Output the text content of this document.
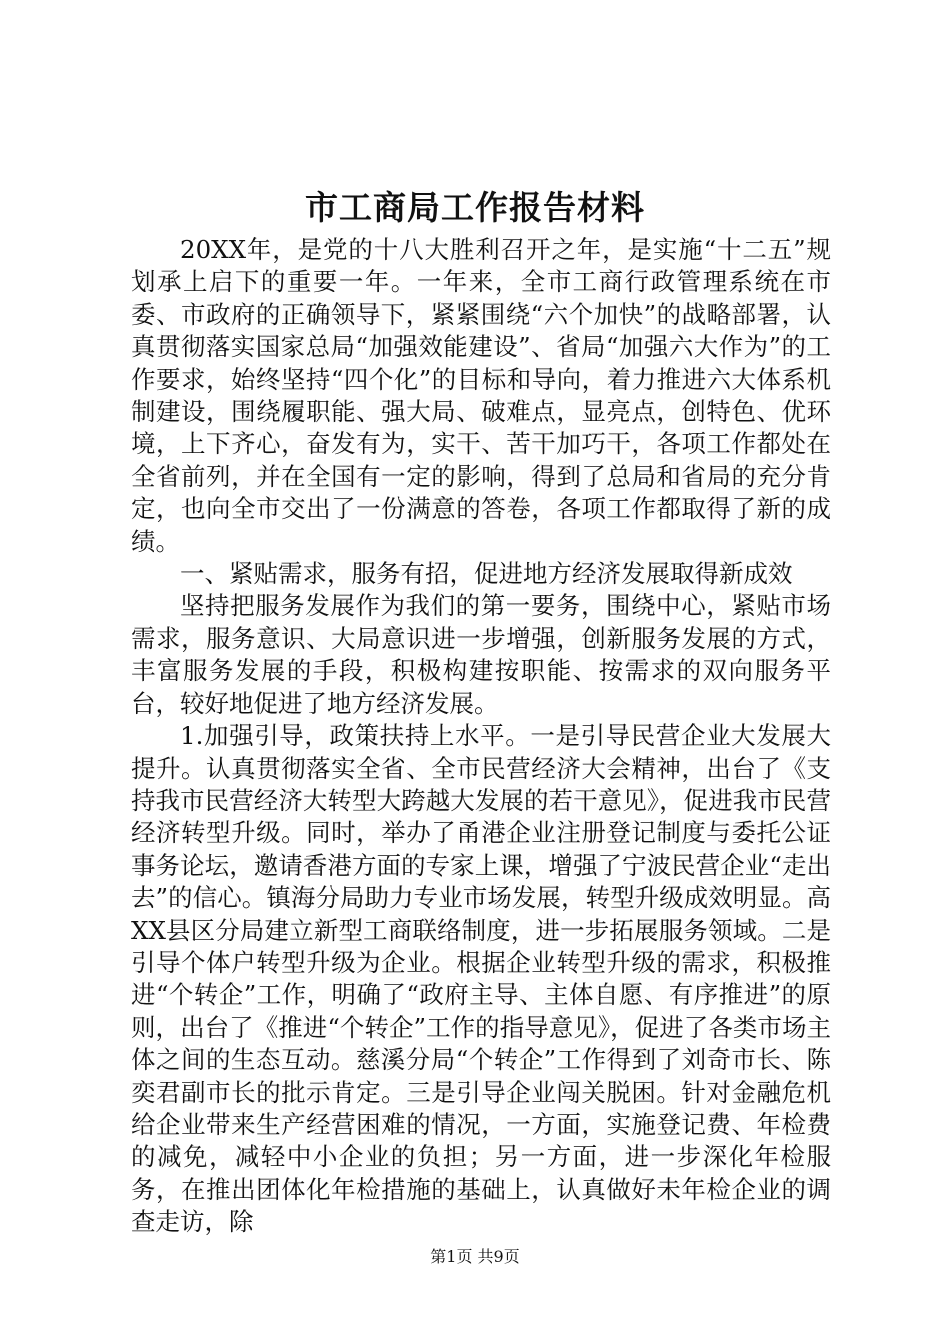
市工商局工作报告材料

20XX年，是党的十八大胜利召开之年，是实施“十二五”规划承上启下的重要一年。一年来，全市工商行政管理系统在市委、市政府的正确领导下，紧紧围绕“六个加快”的战略部署，认真贯彻落实国家总局“加强效能建设”、省局“加强六大作为”的工作要求，始终坚持“四个化”的目标和导向，着力推进六大体系机制建设，围绕履职能、强大局、破难点，显亮点，创特色、优环境，上下齐心，奋发有为，实干、苦干加巧干，各项工作都处在全省前列，并在全国有一定的影响，得到了总局和省局的充分肯定，也向全市交出了一份满意的答卷，各项工作都取得了新的成绩。

一、紧贴需求，服务有招，促进地方经济发展取得新成效

坚持把服务发展作为我们的第一要务，围绕中心，紧贴市场需求，服务意识、大局意识进一步增强，创新服务发展的方式，丰富服务发展的手段，积极构建按职能、按需求的双向服务平台，较好地促进了地方经济发展。

1.加强引导，政策扶持上水平。一是引导民营企业大发展大提升。认真贯彻落实全省、全市民营经济大会精神，出台了《支持我市民营经济大转型大跨越大发展的若干意见》，促进我市民营经济转型升级。同时，举办了甬港企业注册登记制度与委托公证事务论坛，邀请香港方面的专家上课，增强了宁波民营企业“走出去”的信心。镇海分局助力专业市场发展，转型升级成效明显。高XX县区分局建立新型工商联络制度，进一步拓展服务领域。二是引导个体户转型升级为企业。根据企业转型升级的需求，积极推进“个转企”工作，明确了“政府主导、主体自愿、有序推进”的原则，出台了《推进“个转企”工作的指导意见》，促进了各类市场主体之间的生态互动。慈溪分局“个转企”工作得到了刘奇市长、陈奕君副市长的批示肯定。三是引导企业闯关脱困。针对金融危机给企业带来生产经营困难的情况，一方面，实施登记费、年检费的减免，减轻中小企业的负担；另一方面，进一步深化年检服务，在推出团体化年检措施的基础上，认真做好未年检企业的调查走访，除

第1页 共9页
